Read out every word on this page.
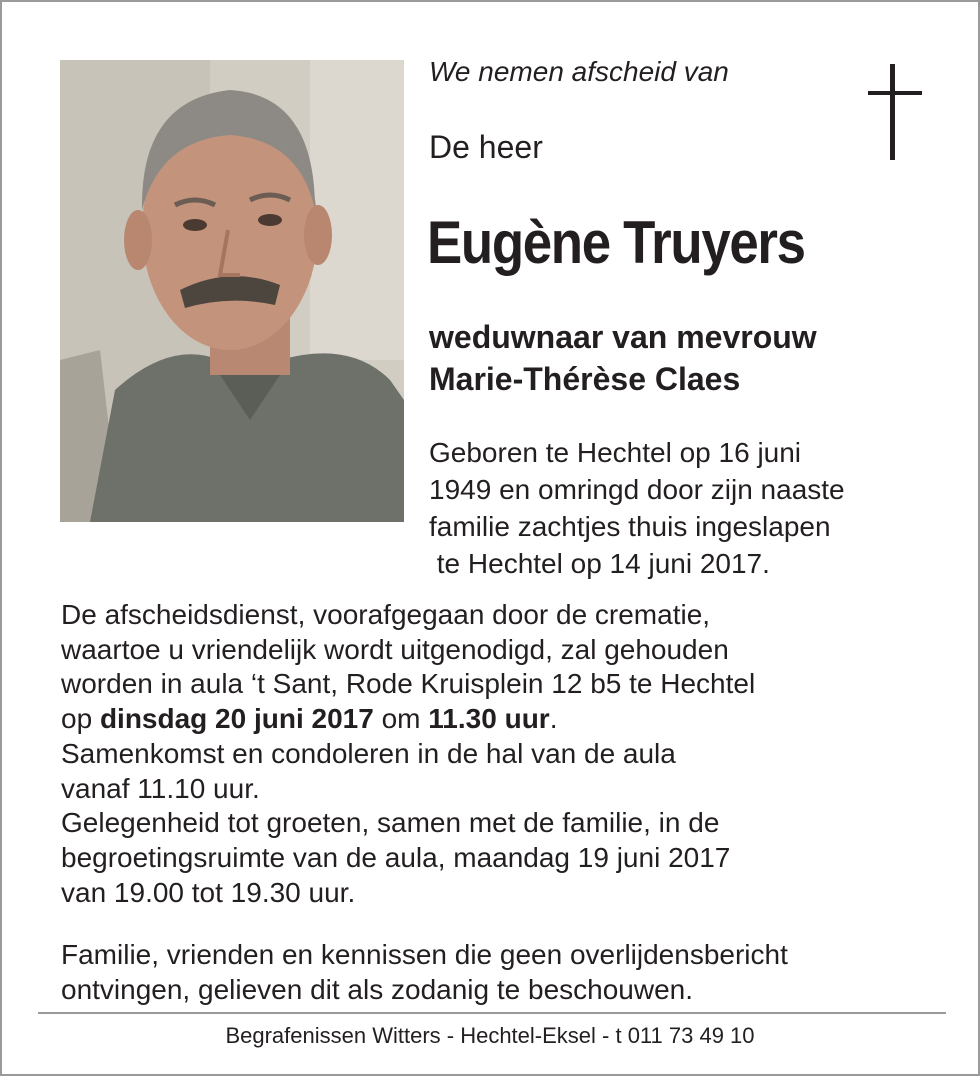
We nemen afscheid van

De heer

Eugène Truyers

weduwnaar van mevrouw
Marie-Thérèse Claes

Geboren te Hechtel op 16 juni
1949 en omringd door zijn naaste
familie zachtjes thuis ingeslapen
te Hechtel op 14 juni 2017.

De afscheidsdienst, voorafgegaan door de crematie,
waartoe u vriendelijk wordt uitgenodigd, zal gehouden
worden in aula ‘t Sant, Rode Kruisplein 12 b5 te Hechtel
op dinsdag 20 juni 2017 om 11.30 uur.
Samenkomst en condoleren in de hal van de aula
vanaf 11.10 uur.
Gelegenheid tot groeten, samen met de familie, in de
begroetingsruimte van de aula, maandag 19 juni 2017
van 19.00 tot 19.30 uur.

Familie, vrienden en kennissen die geen overlijdensbericht
ontvingen, gelieven dit als zodanig te beschouwen.

Begrafenissen Witters - Hechtel-Eksel - t 011 73 49 10
